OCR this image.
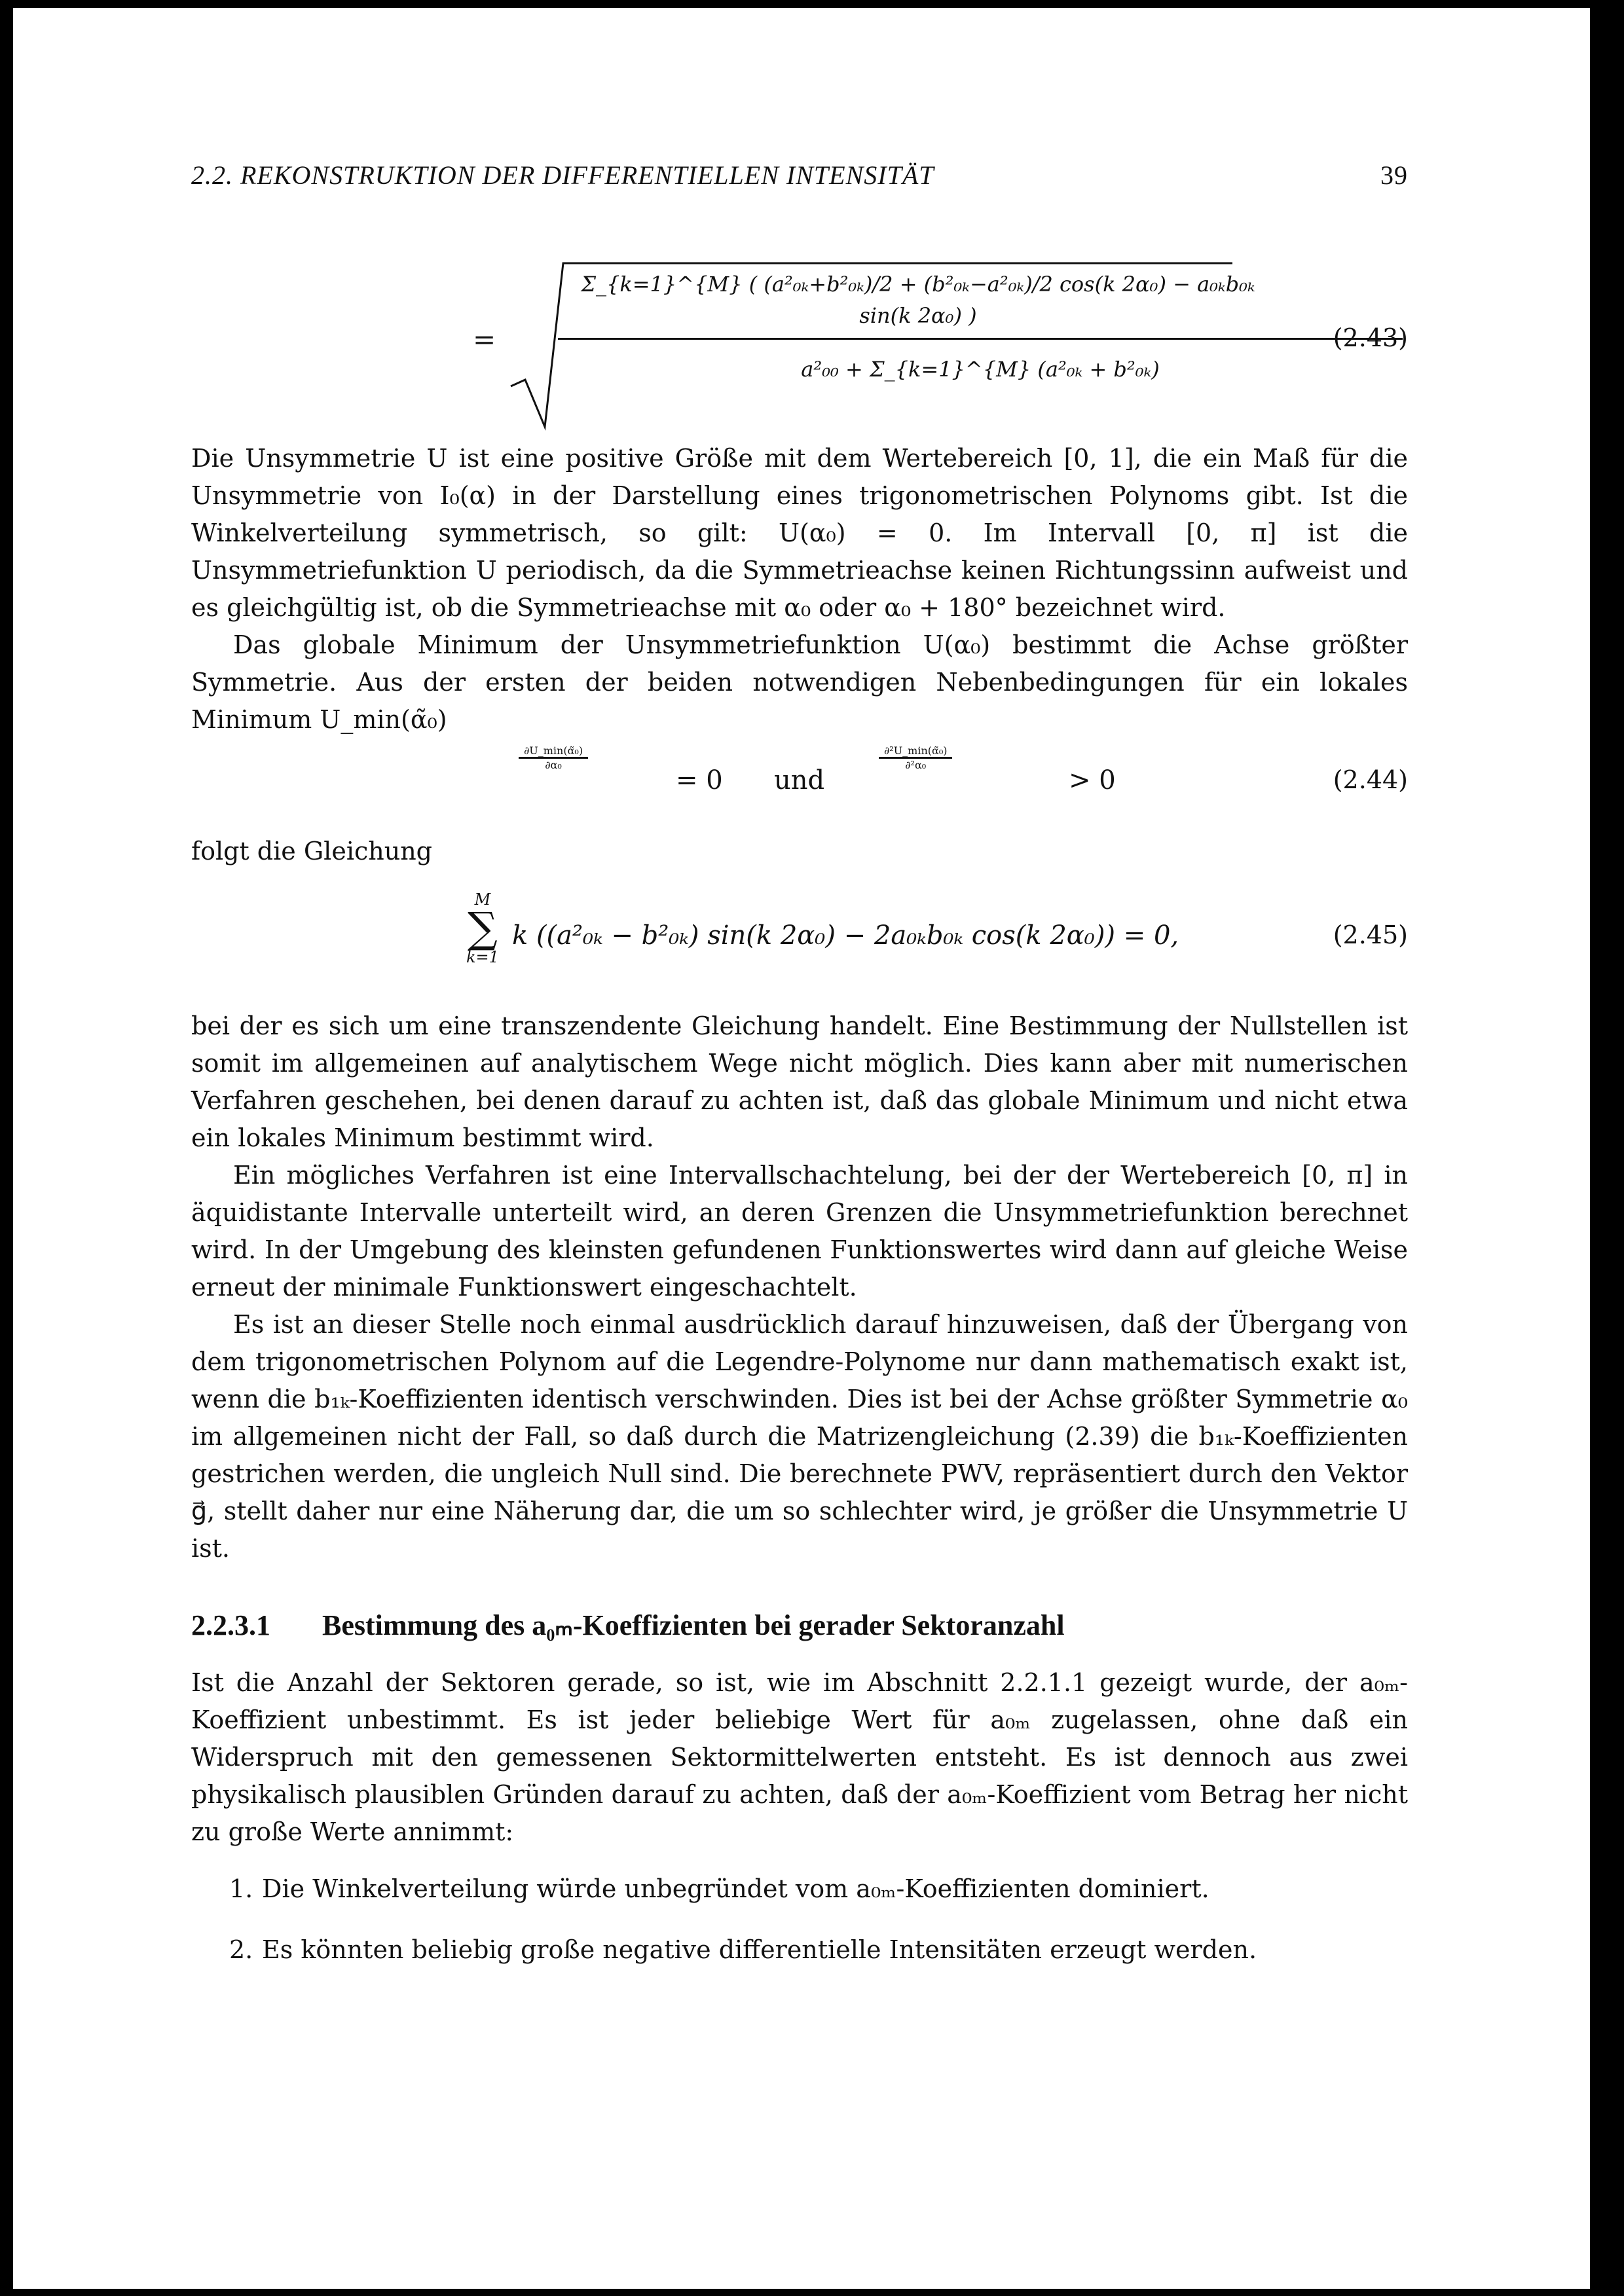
2.2. REKONSTRUKTION DER DIFFERENTIELLEN INTENSITÄT	39
=
Σ_{k=1}^{M} ( (a²₀ₖ+b²₀ₖ)/2 + (b²₀ₖ−a²₀ₖ)/2 cos(k 2α₀) − a₀ₖb₀ₖ sin(k 2α₀) )
a²₀₀ + Σ_{k=1}^{M} (a²₀ₖ + b²₀ₖ)
(2.43)
Die Unsymmetrie U ist eine positive Größe mit dem Wertebereich [0, 1], die ein Maß für die Unsymmetrie von I₀(α) in der Darstellung eines trigonometrischen Polynoms gibt. Ist die Winkelverteilung symmetrisch, so gilt: U(α₀) = 0. Im Intervall [0, π] ist die Unsymmetriefunktion U periodisch, da die Symmetrieachse keinen Richtungssinn aufweist und es gleichgültig ist, ob die Symmetrieachse mit α₀ oder α₀ + 180° bezeichnet wird.
Das globale Minimum der Unsymmetriefunktion U(α₀) bestimmt die Achse größter Symmetrie. Aus der ersten der beiden notwendigen Nebenbedingungen für ein lokales Minimum U_min(α̃₀)
∂U_min(α̃₀)
∂α₀
= 0 und
∂²U_min(α̃₀)
∂²α₀
> 0	(2.44)
folgt die Gleichung
M
∑
k=1
k ((a²₀ₖ − b²₀ₖ) sin(k 2α₀) − 2a₀ₖb₀ₖ cos(k 2α₀)) = 0,	(2.45)
bei der es sich um eine transzendente Gleichung handelt. Eine Bestimmung der Nullstellen ist somit im allgemeinen auf analytischem Wege nicht möglich. Dies kann aber mit numerischen Verfahren geschehen, bei denen darauf zu achten ist, daß das globale Minimum und nicht etwa ein lokales Minimum bestimmt wird.
Ein mögliches Verfahren ist eine Intervallschachtelung, bei der der Wertebereich [0, π] in äquidistante Intervalle unterteilt wird, an deren Grenzen die Unsymmetriefunktion berechnet wird. In der Umgebung des kleinsten gefundenen Funktionswertes wird dann auf gleiche Weise erneut der minimale Funktionswert eingeschachtelt.
Es ist an dieser Stelle noch einmal ausdrücklich darauf hinzuweisen, daß der Übergang von dem trigonometrischen Polynom auf die Legendre-Polynome nur dann mathematisch exakt ist, wenn die b₁ₖ-Koeffizienten identisch verschwinden. Dies ist bei der Achse größter Symmetrie α₀ im allgemeinen nicht der Fall, so daß durch die Matrizengleichung (2.39) die b₁ₖ-Koeffizienten gestrichen werden, die ungleich Null sind. Die berechnete PWV, repräsentiert durch den Vektor g⃗, stellt daher nur eine Näherung dar, die um so schlechter wird, je größer die Unsymmetrie U ist.
2.2.3.1 Bestimmung des a₀ₘ-Koeffizienten bei gerader Sektoranzahl
Ist die Anzahl der Sektoren gerade, so ist, wie im Abschnitt 2.2.1.1 gezeigt wurde, der a₀ₘ-Koeffizient unbestimmt. Es ist jeder beliebige Wert für a₀ₘ zugelassen, ohne daß ein Widerspruch mit den gemessenen Sektormittelwerten entsteht. Es ist dennoch aus zwei physikalisch plausiblen Gründen darauf zu achten, daß der a₀ₘ-Koeffizient vom Betrag her nicht zu große Werte annimmt:
1. Die Winkelverteilung würde unbegründet vom a₀ₘ-Koeffizienten dominiert.
2. Es könnten beliebig große negative differentielle Intensitäten erzeugt werden.
